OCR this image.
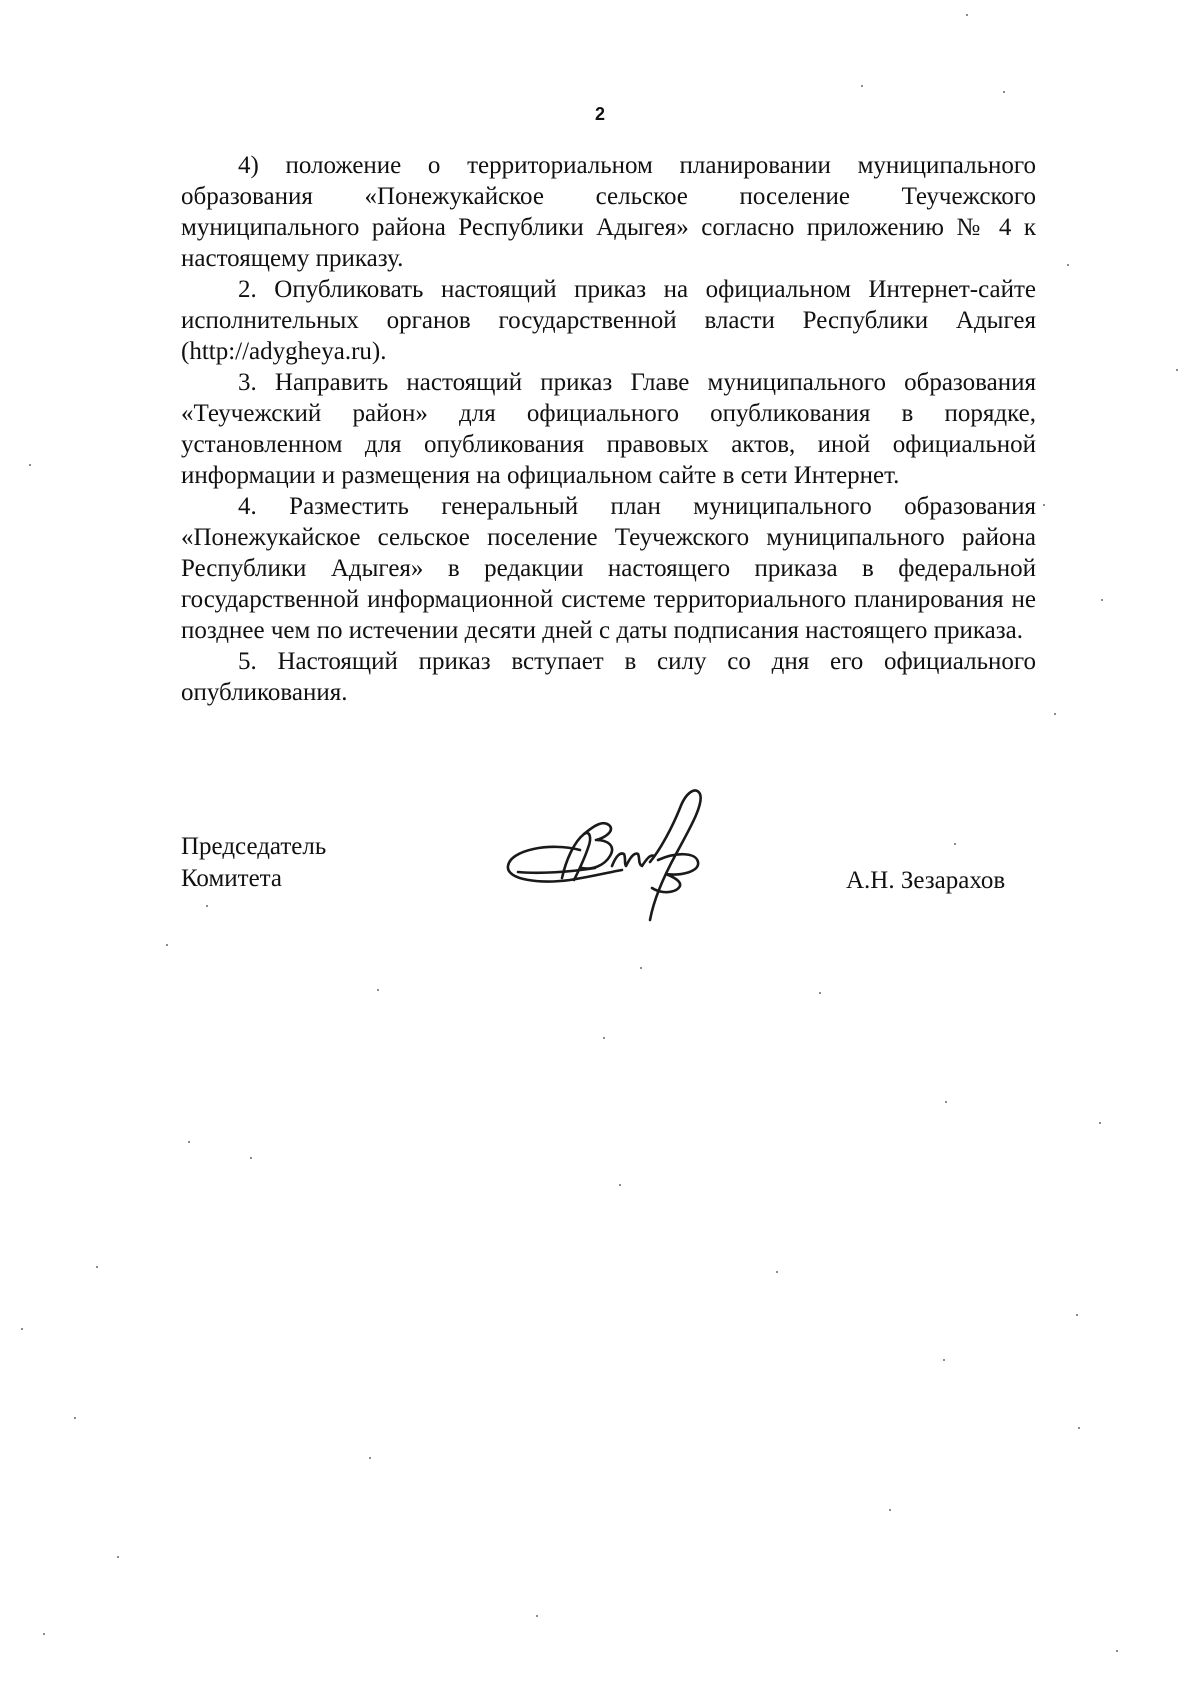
2

4) положение о территориальном планировании муниципального образования «Понежукайское сельское поселение Теучежского муниципального района Республики Адыгея» согласно приложению № 4 к настоящему приказу.

2. Опубликовать настоящий приказ на официальном Интернет-сайте исполнительных органов государственной власти Республики Адыгея (http://adygheya.ru).

3. Направить настоящий приказ Главе муниципального образования «Теучежский район» для официального опубликования в порядке, установленном для опубликования правовых актов, иной официальной информации и размещения на официальном сайте в сети Интернет.

4. Разместить генеральный план муниципального образования «Понежукайское сельское поселение Теучежского муниципального района Республики Адыгея» в редакции настоящего приказа в федеральной государственной информационной системе территориального планирования не позднее чем по истечении десяти дней с даты подписания настоящего приказа.

5. Настоящий приказ вступает в силу со дня его официального опубликования.

Председатель
Комитета	А.Н. Зезарахов
